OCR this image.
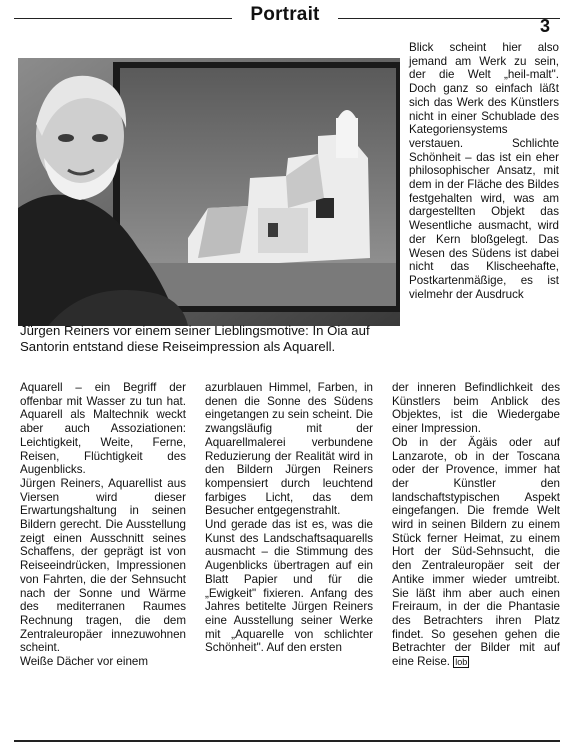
Portrait
3
Jürgen Reiners vor einem seiner Lieblingsmotive: In Oia auf Santorin entstand diese Reiseimpression als Aquarell.

Blick scheint hier also jemand am Werk zu sein, der die Welt „heil-malt". Doch ganz so einfach läßt sich das Werk des Künstlers nicht in einer Schublade des Kategoriensystems verstauen. Schlichte Schönheit – das ist ein eher philosophischer Ansatz, mit dem in der Fläche des Bildes festgehalten wird, was am dargestellten Objekt das Wesentliche ausmacht, wird der Kern bloßgelegt. Das Wesen des Südens ist dabei nicht das Klischeehafte, Postkartenmäßige, es ist vielmehr der Ausdruck

Aquarell – ein Begriff der offenbar mit Wasser zu tun hat. Aquarell als Maltechnik weckt aber auch Assoziationen: Leichtigkeit, Weite, Ferne, Reisen, Flüchtigkeit des Augenblicks.

Jürgen Reiners, Aquarellist aus Viersen wird dieser Erwartungshaltung in seinen Bildern gerecht. Die Ausstellung zeigt einen Ausschnitt seines Schaffens, der geprägt ist von Reiseeindrücken, Impressionen von Fahrten, die der Sehnsucht nach der Sonne und Wärme des mediterranen Raumes Rechnung tragen, die dem Zentraleuropäer innezuwohnen scheint.

Weiße Dächer vor einem

azurblauen Himmel, Farben, in denen die Sonne des Südens eingetangen zu sein scheint. Die zwangsläufig mit der Aquarellmalerei verbundene Reduzierung der Realität wird in den Bildern Jürgen Reiners kompensiert durch leuchtend farbiges Licht, das dem Besucher entgegenstrahlt.

Und gerade das ist es, was die Kunst des Landschaftsaquarells ausmacht – die Stimmung des Augenblicks übertragen auf ein Blatt Papier und für die „Ewigkeit" fixieren. Anfang des Jahres betitelte Jürgen Reiners eine Ausstellung seiner Werke mit „Aquarelle von schlichter Schönheit". Auf den ersten

der inneren Befindlichkeit des Künstlers beim Anblick des Objektes, ist die Wiedergabe einer Impression.

Ob in der Ägäis oder auf Lanzarote, ob in der Toscana oder der Provence, immer hat der Künstler den landschaftstypischen Aspekt eingefangen. Die fremde Welt wird in seinen Bildern zu einem Stück ferner Heimat, zu einem Hort der Süd-Sehnsucht, die den Zentraleuropäer seit der Antike immer wieder umtreibt. Sie läßt ihm aber auch einen Freiraum, in der die Phantasie des Betrachters ihren Platz findet. So gesehen gehen die Betrachter der Bilder mit auf eine Reise. lob
